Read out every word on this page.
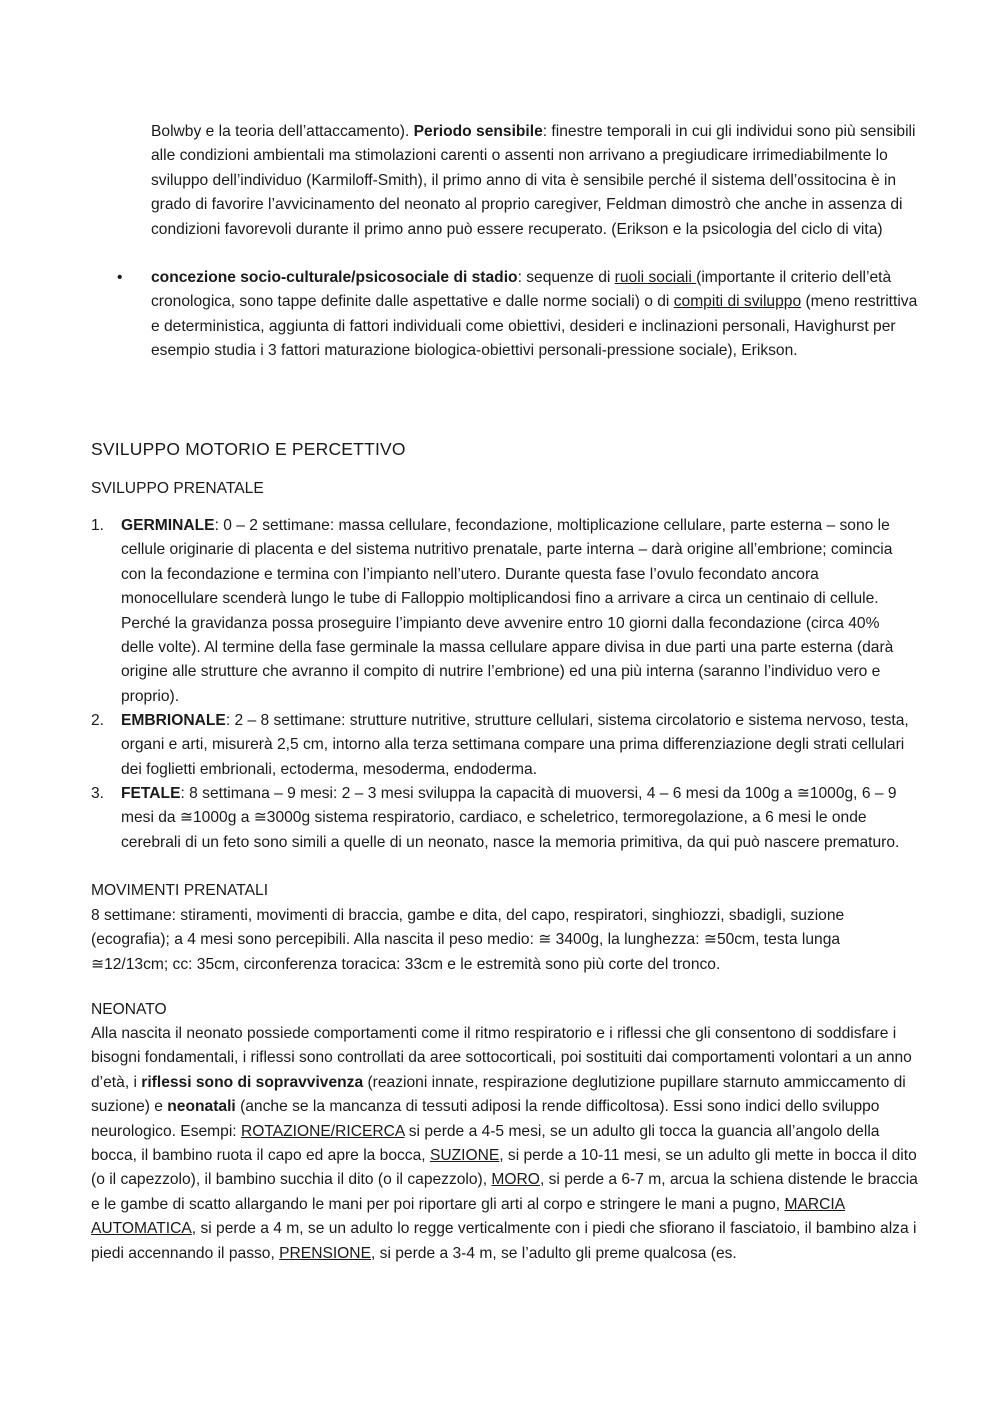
Bolwby e la teoria dell’attaccamento). Periodo sensibile: finestre temporali in cui gli individui sono più sensibili alle condizioni ambientali ma stimolazioni carenti o assenti non arrivano a pregiudicare irrimediabilmente lo sviluppo dell’individuo (Karmiloff-Smith), il primo anno di vita è sensibile perché il sistema dell’ossitocina è in grado di favorire l’avvicinamento del neonato al proprio caregiver, Feldman dimostrò che anche in assenza di condizioni favorevoli durante il primo anno può essere recuperato. (Erikson e la psicologia del ciclo di vita)

• concezione socio-culturale/psicosociale di stadio: sequenze di ruoli sociali (importante il criterio dell’età cronologica, sono tappe definite dalle aspettative e dalle norme sociali) o di compiti di sviluppo (meno restrittiva e deterministica, aggiunta di fattori individuali come obiettivi, desideri e inclinazioni personali, Havighurst per esempio studia i 3 fattori maturazione biologica-obiettivi personali-pressione sociale), Erikson.

SVILUPPO MOTORIO E PERCETTIVO
SVILUPPO PRENATALE
1. GERMINALE: 0 – 2 settimane: massa cellulare, fecondazione, moltiplicazione cellulare, parte esterna – sono le cellule originarie di placenta e del sistema nutritivo prenatale, parte interna – darà origine all’embrione; comincia con la fecondazione e termina con l’impianto nell’utero. Durante questa fase l’ovulo fecondato ancora monocellulare scenderà lungo le tube di Falloppio moltiplicandosi fino a arrivare a circa un centinaio di cellule. Perché la gravidanza possa proseguire l’impianto deve avvenire entro 10 giorni dalla fecondazione (circa 40% delle volte). Al termine della fase germinale la massa cellulare appare divisa in due parti una parte esterna (darà origine alle strutture che avranno il compito di nutrire l’embrione) ed una più interna (saranno l’individuo vero e proprio).

2. EMBRIONALE: 2 – 8 settimane: strutture nutritive, strutture cellulari, sistema circolatorio e sistema nervoso, testa, organi e arti, misurerà 2,5 cm, intorno alla terza settimana compare una prima differenziazione degli strati cellulari dei foglietti embrionali, ectoderma, mesoderma, endoderma.

3. FETALE: 8 settimana – 9 mesi: 2 – 3 mesi sviluppa la capacità di muoversi, 4 – 6 mesi da 100g a ≅1000g, 6 – 9 mesi da ≅1000g a ≅3000g sistema respiratorio, cardiaco, e scheletrico, termoregolazione, a 6 mesi le onde cerebrali di un feto sono simili a quelle di un neonato, nasce la memoria primitiva, da qui può nascere prematuro.

MOVIMENTI PRENATALI

8 settimane: stiramenti, movimenti di braccia, gambe e dita, del capo, respiratori, singhiozzi, sbadigli, suzione (ecografia); a 4 mesi sono percepibili. Alla nascita il peso medio: ≅ 3400g, la lunghezza: ≅50cm, testa lunga ≅12/13cm; cc: 35cm, circonferenza toracica: 33cm e le estremità sono più corte del tronco.

NEONATO

Alla nascita il neonato possiede comportamenti come il ritmo respiratorio e i riflessi che gli consentono di soddisfare i bisogni fondamentali, i riflessi sono controllati da aree sottocorticali, poi sostituiti dai comportamenti volontari a un anno d’età, i riflessi sono di sopravvivenza (reazioni innate, respirazione deglutizione pupillare starnuto ammiccamento di suzione) e neonatali (anche se la mancanza di tessuti adiposi la rende difficoltosa). Essi sono indici dello sviluppo neurologico. Esempi: ROTAZIONE/RICERCA si perde a 4-5 mesi, se un adulto gli tocca la guancia all’angolo della bocca, il bambino ruota il capo ed apre la bocca, SUZIONE, si perde a 10-11 mesi, se un adulto gli mette in bocca il dito (o il capezzolo), il bambino succhia il dito (o il capezzolo), MORO, si perde a 6-7 m, arcua la schiena distende le braccia e le gambe di scatto allargando le mani per poi riportare gli arti al corpo e stringere le mani a pugno, MARCIA AUTOMATICA, si perde a 4 m, se un adulto lo regge verticalmente con i piedi che sfiorano il fasciatoio, il bambino alza i piedi accennando il passo, PRENSIONE, si perde a 3-4 m, se l’adulto gli preme qualcosa (es.
